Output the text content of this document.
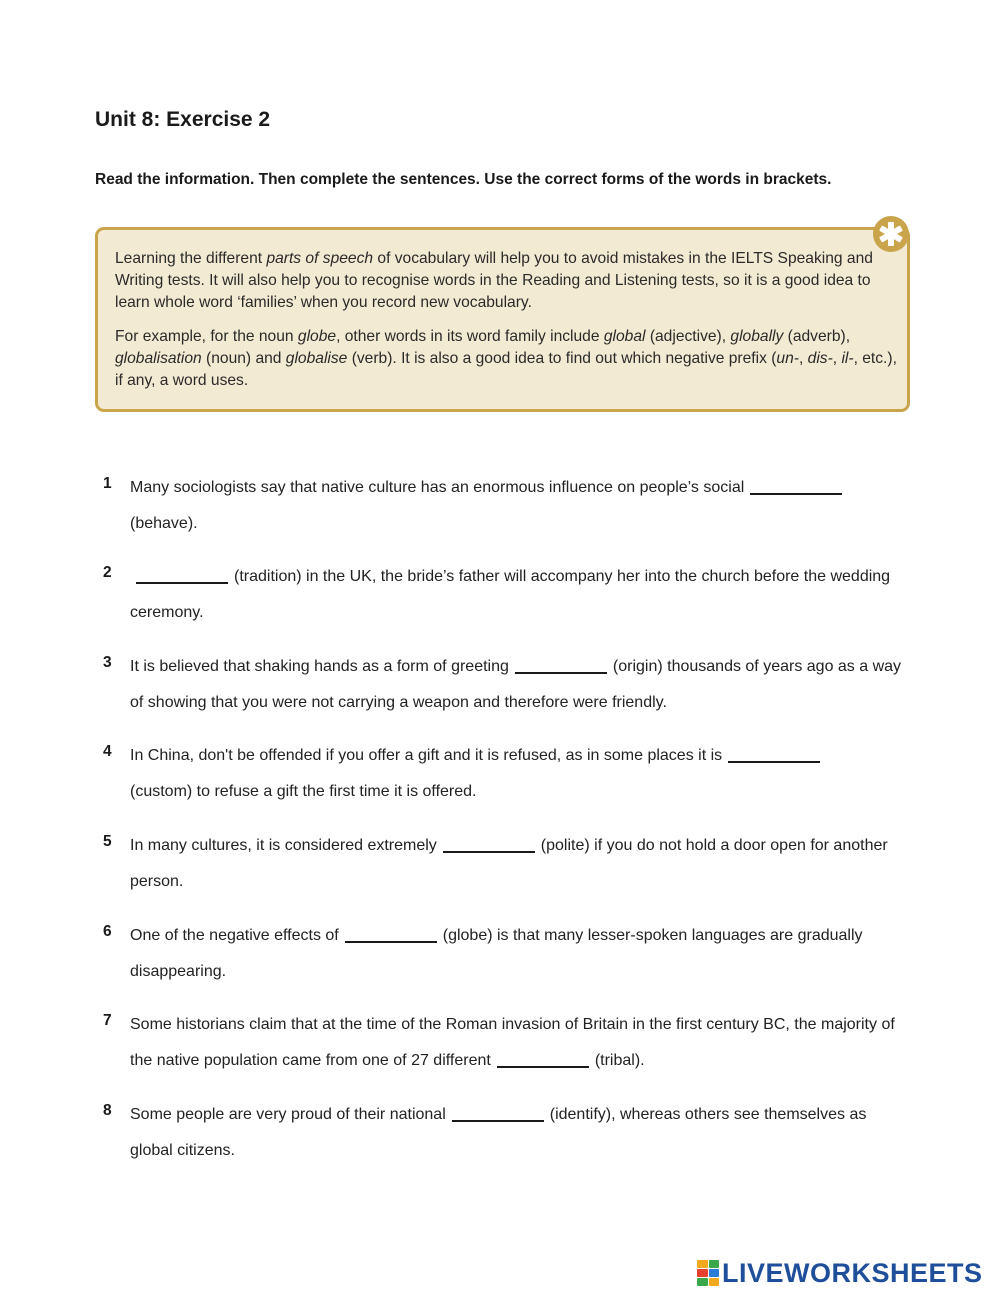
Unit 8: Exercise 2
Read the information. Then complete the sentences. Use the correct forms of the words in brackets.

Learning the different parts of speech of vocabulary will help you to avoid mistakes in the IELTS Speaking and Writing tests. It will also help you to recognise words in the Reading and Listening tests, so it is a good idea to learn whole word ‘families’ when you record new vocabulary.

For example, for the noun globe, other words in its word family include global (adjective), globally (adverb), globalisation (noun) and globalise (verb). It is also a good idea to find out which negative prefix (un-, dis-, il-, etc.), if any, a word uses.

1 Many sociologists say that native culture has an enormous influence on people’s social
(behave).
2	(tradition) in the UK, the bride’s father will accompany her into the church before the wedding ceremony.
3 It is believed that shaking hands as a form of greeting	(origin) thousands of years ago as a way of showing that you were not carrying a weapon and therefore were friendly.
4 In China, don't be offended if you offer a gift and it is refused, as in some places it is
(custom) to refuse a gift the first time it is offered.
5 In many cultures, it is considered extremely	(polite) if you do not hold a door open for another person.
6 One of the negative effects of	(globe) is that many lesser-spoken languages are gradually disappearing.
7 Some historians claim that at the time of the Roman invasion of Britain in the first century BC, the majority of the native population came from one of 27 different	(tribal).
8 Some people are very proud of their national	(identify), whereas others see themselves as global citizens.
LIVEWORKSHEETS
